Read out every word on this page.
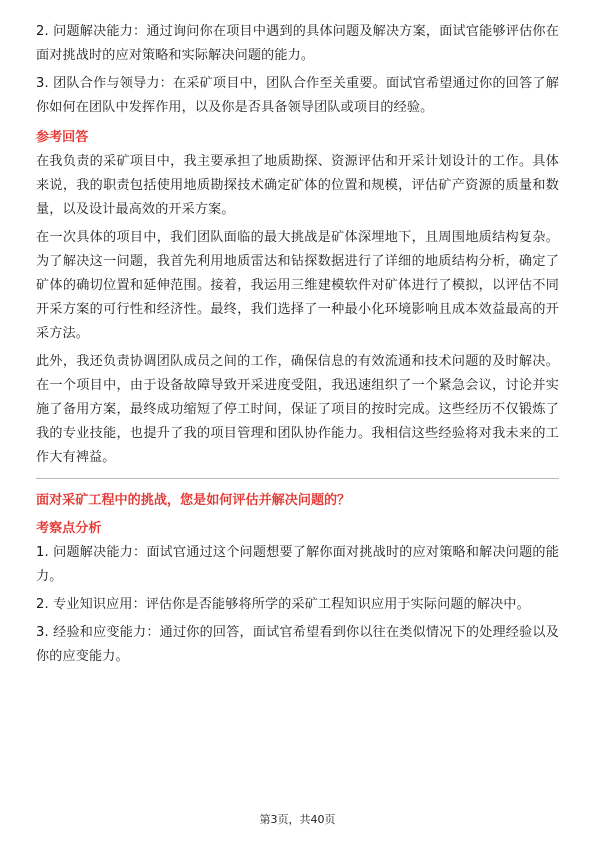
2. 问题解决能力：通过询问你在项目中遇到的具体问题及解决方案，面试官能够评估你在面对挑战时的应对策略和实际解决问题的能力。

3. 团队合作与领导力：在采矿项目中，团队合作至关重要。面试官希望通过你的回答了解你如何在团队中发挥作用，以及你是否具备领导团队或项目的经验。

参考回答

在我负责的采矿项目中，我主要承担了地质勘探、资源评估和开采计划设计的工作。具体来说，我的职责包括使用地质勘探技术确定矿体的位置和规模，评估矿产资源的质量和数量，以及设计最高效的开采方案。

在一次具体的项目中，我们团队面临的最大挑战是矿体深埋地下，且周围地质结构复杂。为了解决这一问题，我首先利用地质雷达和钻探数据进行了详细的地质结构分析，确定了矿体的确切位置和延伸范围。接着，我运用三维建模软件对矿体进行了模拟，以评估不同开采方案的可行性和经济性。最终，我们选择了一种最小化环境影响且成本效益最高的开采方法。

此外，我还负责协调团队成员之间的工作，确保信息的有效流通和技术问题的及时解决。在一个项目中，由于设备故障导致开采进度受阻，我迅速组织了一个紧急会议，讨论并实施了备用方案，最终成功缩短了停工时间，保证了项目的按时完成。这些经历不仅锻炼了我的专业技能，也提升了我的项目管理和团队协作能力。我相信这些经验将对我未来的工作大有裨益。

面对采矿工程中的挑战，您是如何评估并解决问题的？

考察点分析

1. 问题解决能力：面试官通过这个问题想要了解你面对挑战时的应对策略和解决问题的能力。

2. 专业知识应用：评估你是否能够将所学的采矿工程知识应用于实际问题的解决中。

3. 经验和应变能力：通过你的回答，面试官希望看到你以往在类似情况下的处理经验以及你的应变能力。

第3页，共40页
